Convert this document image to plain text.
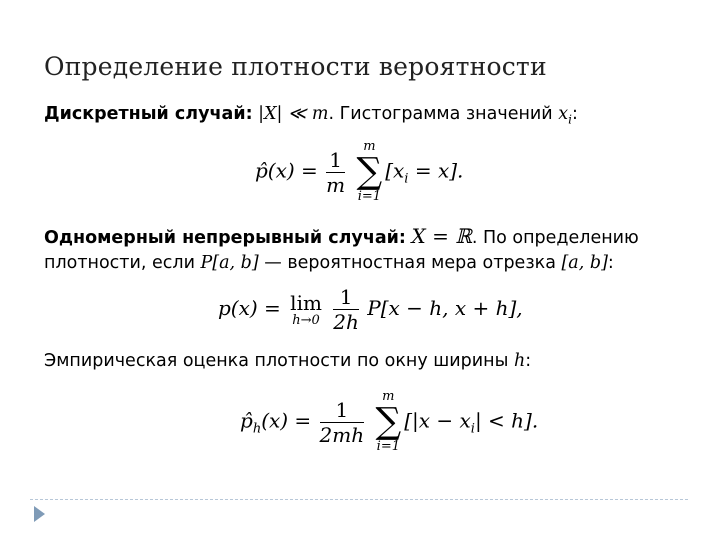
Определение плотности вероятности
Дискретный случай: |X| ≪ m. Гистограмма значений $x_i$:
p̂(x) = $\frac{1}{m}$

m
∑
i=1
$[x_i = x]$.
Одномерный непрерывный случай: X = ℝ. По определению
плотности, если P[a, b] — вероятностная мера отрезка [a, b]:
p(x) = lim
h→0
$\frac{1}{2h} P[x - h$, x + h],
Эмпирическая оценка плотности по окну ширины h:
$p̂_h(x) = \frac{1}{2mh}$

m
∑
i=1
$[|x - x_i| < h]$.
